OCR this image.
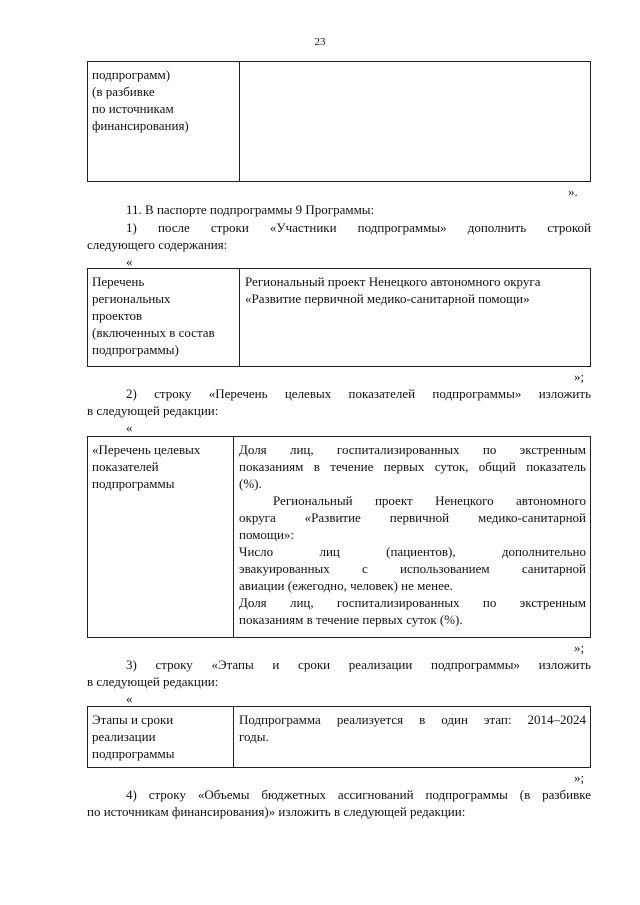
23
подпрограмм)
(в разбивке
по источникам
финансирования)
».
11. В паспорте подпрограммы 9 Программы:
1) после строки «Участники подпрограммы» дополнить строкой
следующего содержания:
«
Перечень
региональных
проектов
(включенных в состав
подпрограммы)
Региональный проект Ненецкого автономного округа
«Развитие первичной медико-санитарной помощи»
»;
2) строку «Перечень целевых показателей подпрограммы» изложить
в следующей редакции:
«
«Перечень целевых
показателей
подпрограммы
Доля лиц, госпитализированных по экстренным
показаниям в течение первых суток, общий показатель
(%).
Региональный проект Ненецкого автономного
округа «Развитие первичной медико-санитарной
помощи»:
Число лиц (пациентов), дополнительно
эвакуированных с использованием санитарной
авиации (ежегодно, человек) не менее.
Доля лиц, госпитализированных по экстренным
показаниям в течение первых суток (%).
»;
3) строку «Этапы и сроки реализации подпрограммы» изложить
в следующей редакции:
«
Этапы и сроки
реализации
подпрограммы
Подпрограмма реализуется в один этап: 2014–2024
годы.
»;
4) строку «Объемы бюджетных ассигнований подпрограммы (в разбивке
по источникам финансирования)» изложить в следующей редакции:
